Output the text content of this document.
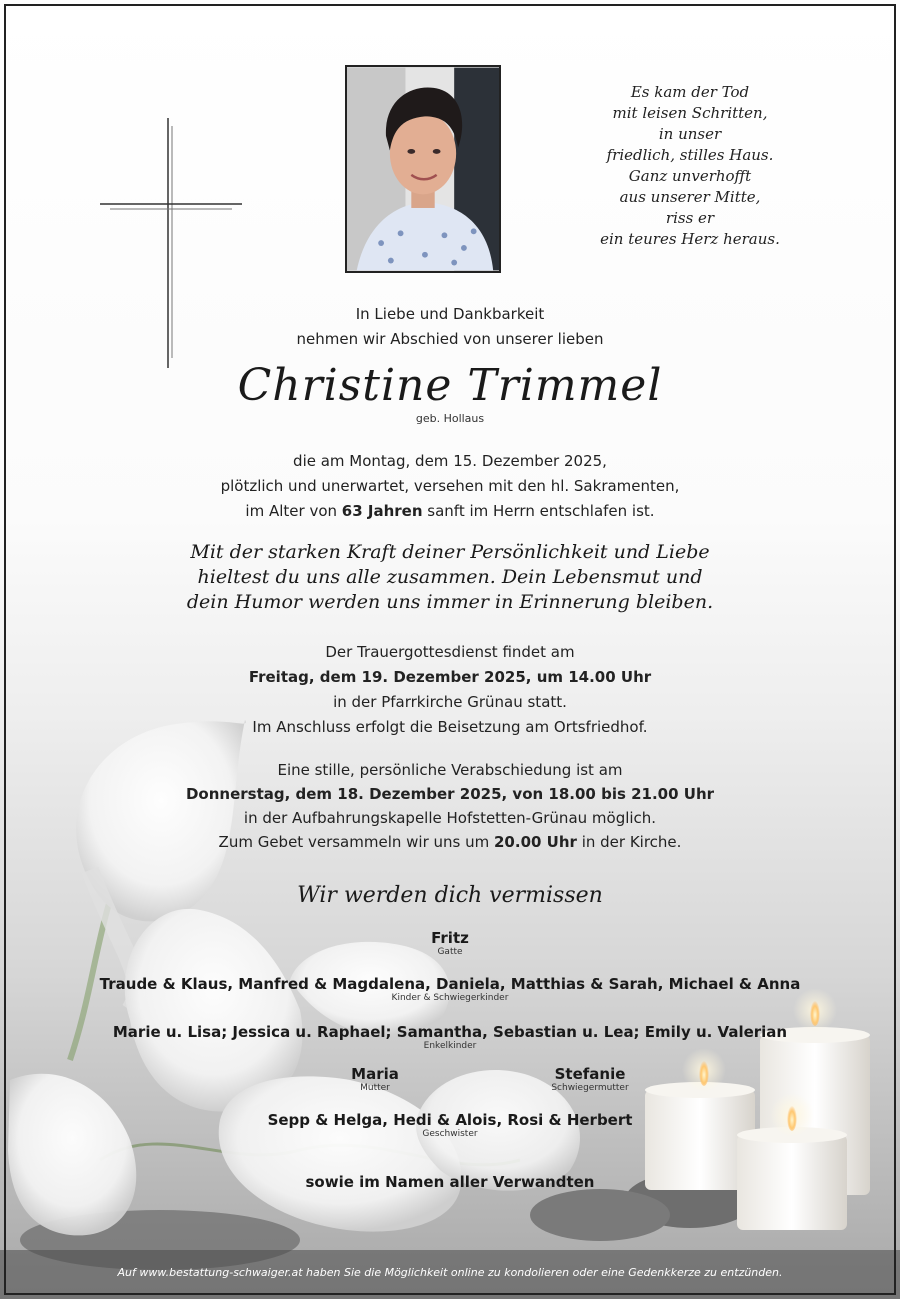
Es kam der Tod
mit leisen Schritten,
in unser
friedlich, stilles Haus.
Ganz unverhofft
aus unserer Mitte,
riss er
ein teures Herz heraus.
In Liebe und Dankbarkeit
nehmen wir Abschied von unserer lieben
Christine Trimmel
geb. Hollaus
die am Montag, dem 15. Dezember 2025,
plötzlich und unerwartet, versehen mit den hl. Sakramenten,
im Alter von 63 Jahren sanft im Herrn entschlafen ist.
Mit der starken Kraft deiner Persönlichkeit und Liebe
hieltest du uns alle zusammen. Dein Lebensmut und
dein Humor werden uns immer in Erinnerung bleiben.
Der Trauergottesdienst findet am
Freitag, dem 19. Dezember 2025, um 14.00 Uhr
in der Pfarrkirche Grünau statt.
Im Anschluss erfolgt die Beisetzung am Ortsfriedhof.
Eine stille, persönliche Verabschiedung ist am
Donnerstag, dem 18. Dezember 2025, von 18.00 bis 21.00 Uhr
in der Aufbahrungskapelle Hofstetten-Grünau möglich.
Zum Gebet versammeln wir uns um 20.00 Uhr in der Kirche.
Wir werden dich vermissen
Fritz
Gatte
Traude & Klaus, Manfred & Magdalena, Daniela, Matthias & Sarah, Michael & Anna
Kinder & Schwiegerkinder
Marie u. Lisa; Jessica u. Raphael; Samantha, Sebastian u. Lea; Emily u. Valerian
Enkelkinder
Maria
Mutter
Stefanie
Schwiegermutter
Sepp & Helga, Hedi & Alois, Rosi & Herbert
Geschwister
sowie im Namen aller Verwandten
Auf www.bestattung-schwaiger.at haben Sie die Möglichkeit online zu kondolieren oder eine Gedenkkerze zu entzünden.
